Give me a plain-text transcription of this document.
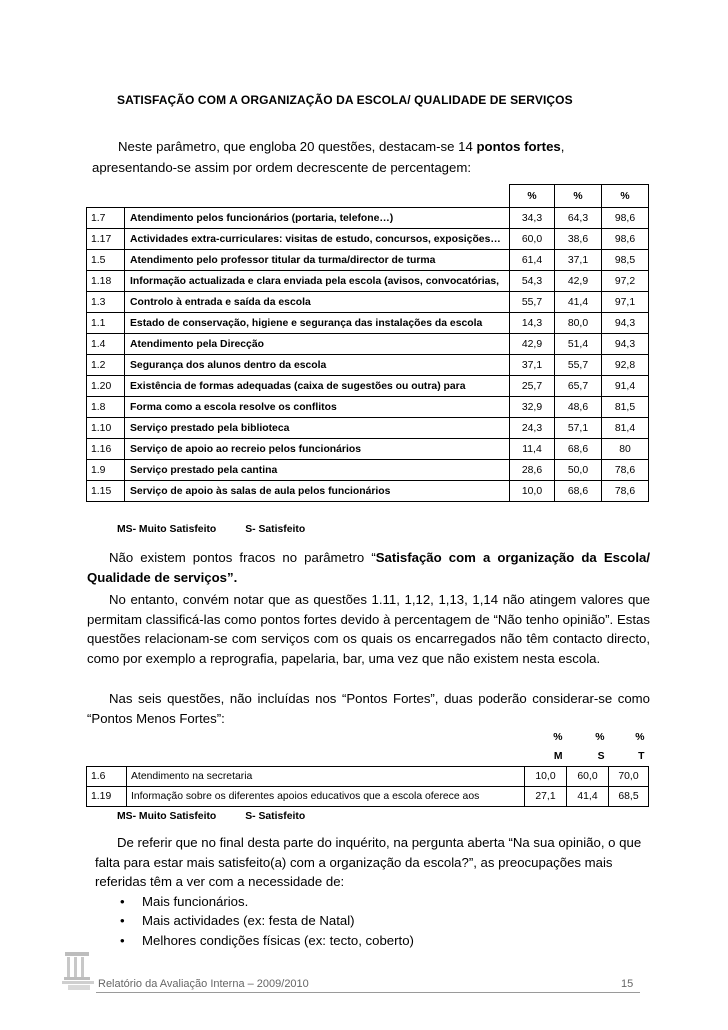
SATISFAÇÃO COM A ORGANIZAÇÃO DA ESCOLA/ QUALIDADE DE SERVIÇOS

Neste parâmetro, que engloba 20 questões, destacam-se 14 pontos fortes,

apresentando-se assim por ordem decrescente de percentagem:

		%	%	%
1.7	Atendimento pelos funcionários (portaria, telefone…)	34,3	64,3	98,6
1.17	Actividades extra-curriculares: visitas de estudo, concursos, exposições…	60,0	38,6	98,6
1.5	Atendimento pelo professor titular da turma/director de turma	61,4	37,1	98,5
1.18	Informação actualizada e clara enviada pela escola (avisos, convocatórias,	54,3	42,9	97,2
1.3	Controlo à entrada e saída da escola	55,7	41,4	97,1
1.1	Estado de conservação, higiene e segurança das instalações da escola	14,3	80,0	94,3
1.4	Atendimento pela Direcção	42,9	51,4	94,3
1.2	Segurança dos alunos dentro da escola	37,1	55,7	92,8
1.20	Existência de formas adequadas (caixa de sugestões ou outra) para	25,7	65,7	91,4
1.8	Forma como a escola resolve os conflitos	32,9	48,6	81,5
1.10	Serviço prestado pela biblioteca	24,3	57,1	81,4
1.16	Serviço de apoio ao recreio pelos funcionários	11,4	68,6	80
1.9	Serviço prestado pela cantina	28,6	50,0	78,6
1.15	Serviço de apoio às salas de aula pelos funcionários	10,0	68,6	78,6
MS- Muito Satisfeito	S- Satisfeito

Não existem pontos fracos no parâmetro “Satisfação com a organização da Escola/ Qualidade de serviços”.

No entanto, convém notar que as questões 1.11, 1,12, 1,13, 1,14 não atingem valores que permitam classificá-las como pontos fortes devido à percentagem de “Não tenho opinião”. Estas questões relacionam-se com serviços com os quais os encarregados não têm contacto directo, como por exemplo a reprografia, papelaria, bar, uma vez que não existem nesta escola.

Nas seis questões, não incluídas nos “Pontos Fortes”, duas poderão considerar-se como “Pontos Menos Fortes”:

		%	%	%
		M	S	T
1.6	Atendimento na secretaria	10,0	60,0	70,0
1.19	Informação sobre os diferentes apoios educativos que a escola oferece aos	27,1	41,4	68,5
MS- Muito Satisfeito	S- Satisfeito

De referir que no final desta parte do inquérito, na pergunta aberta “Na sua opinião, o que falta para estar mais satisfeito(a) com a organização da escola?”, as preocupações mais referidas têm a ver com a necessidade de:

• Mais funcionários.
• Mais actividades (ex: festa de Natal)
• Melhores condições físicas (ex: tecto, coberto)
Relatório da Avaliação Interna – 2009/2010	15
